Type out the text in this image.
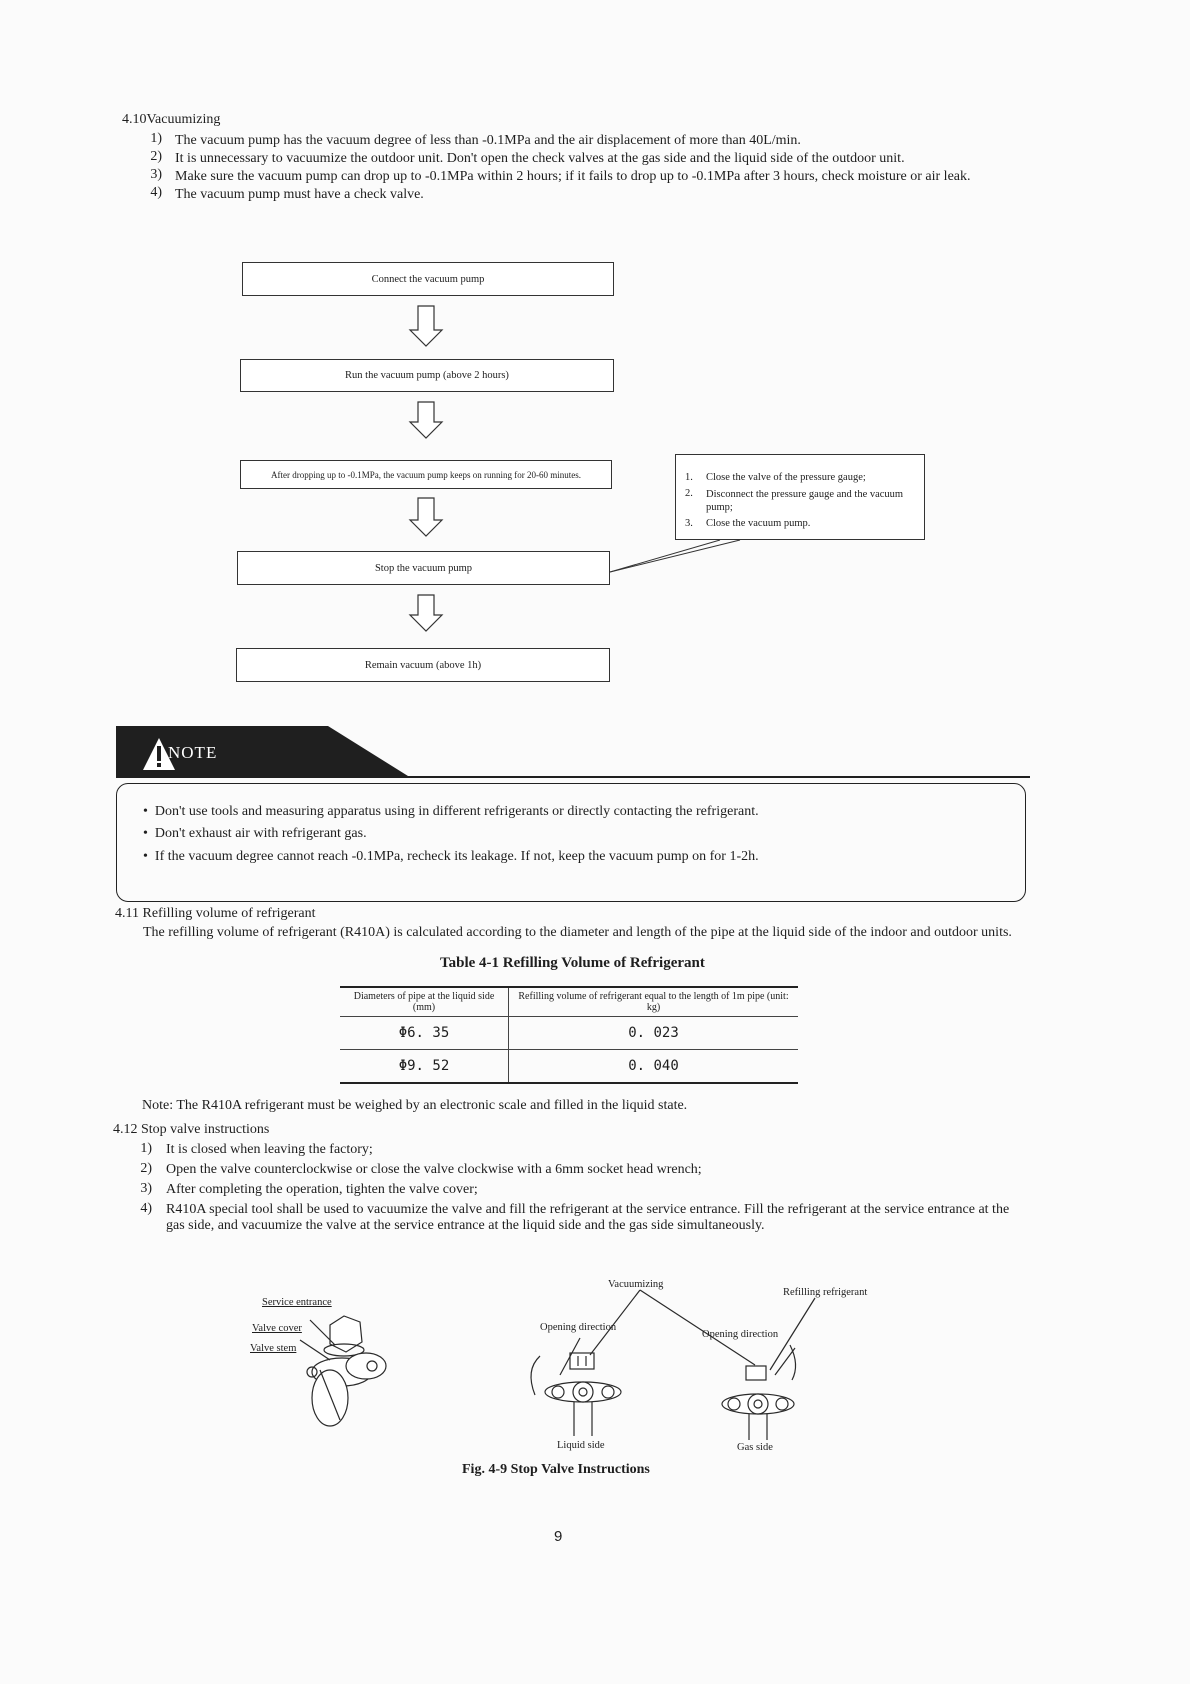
4.10Vacuumizing
1) The vacuum pump has the vacuum degree of less than -0.1MPa and the air displacement of more than 40L/min.
2) It is unnecessary to vacuumize the outdoor unit. Don't open the check valves at the gas side and the liquid side of the outdoor unit.
3) Make sure the vacuum pump can drop up to -0.1MPa within 2 hours; if it fails to drop up to -0.1MPa after 3 hours, check moisture or air leak.
4) The vacuum pump must have a check valve.
Connect the vacuum pump
Run the vacuum pump (above 2 hours)
After dropping up to -0.1MPa, the vacuum pump keeps on running for 20-60 minutes.
Stop the vacuum pump
Remain vacuum (above 1h)
1. Close the valve of the pressure gauge;
2. Disconnect the pressure gauge and the vacuum pump;
3. Close the vacuum pump.
NOTE
•  Don't use tools and measuring apparatus using in different refrigerants or directly contacting the refrigerant.
•  Don't exhaust air with refrigerant gas.
•  If the vacuum degree cannot reach -0.1MPa, recheck its leakage. If not, keep the vacuum pump on for 1-2h.
4.11 Refilling volume of refrigerant
The refilling volume of refrigerant (R410A) is calculated according to the diameter and length of the pipe at the liquid side of the indoor and outdoor units.
Table 4-1 Refilling Volume of Refrigerant
Diameters of pipe at the liquid side (mm)	Refilling volume of refrigerant equal to the length of 1m pipe (unit: kg)
Φ6. 35	0. 023
Φ9. 52	0. 040
Note: The R410A refrigerant must be weighed by an electronic scale and filled in the liquid state.
4.12 Stop valve instructions
1) It is closed when leaving the factory;
2) Open the valve counterclockwise or close the valve clockwise with a 6mm socket head wrench;
3) After completing the operation, tighten the valve cover;
4) R410A special tool shall be used to vacuumize the valve and fill the refrigerant at the service entrance. Fill the refrigerant at the service entrance at the gas side, and vacuumize the valve at the service entrance at the liquid side and the gas side simultaneously.
Service entrance
Valve cover
Valve stem
Vacuumizing
Refilling refrigerant
Opening direction
Opening direction
Liquid side	Gas side
Fig. 4-9 Stop Valve Instructions
9
